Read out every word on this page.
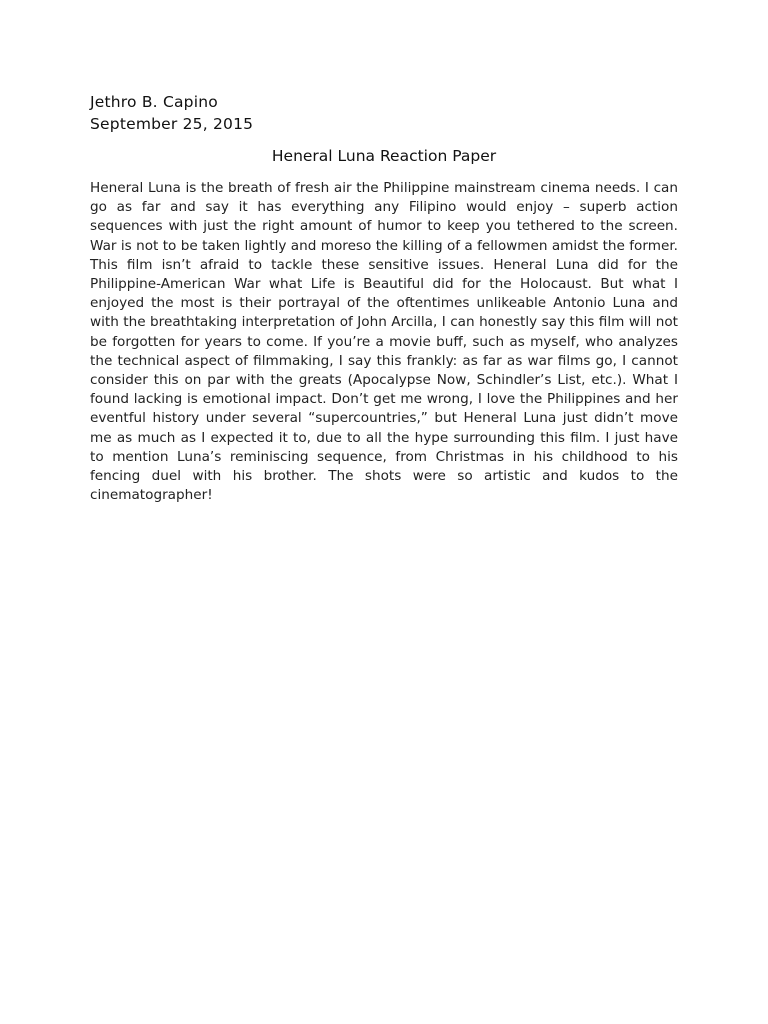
Jethro B. Capino
September 25, 2015
Heneral Luna Reaction Paper

Heneral Luna is the breath of fresh air the Philippine mainstream cinema needs. I can go as far and say it has everything any Filipino would enjoy – superb action sequences with just the right amount of humor to keep you tethered to the screen. War is not to be taken lightly and moreso the killing of a fellowmen amidst the former. This film isn’t afraid to tackle these sensitive issues. Heneral Luna did for the Philippine-American War what Life is Beautiful did for the Holocaust. But what I enjoyed the most is their portrayal of the oftentimes unlikeable Antonio Luna and with the breathtaking interpretation of John Arcilla, I can honestly say this film will not be forgotten for years to come. If you’re a movie buff, such as myself, who analyzes the technical aspect of filmmaking, I say this frankly: as far as war films go, I cannot consider this on par with the greats (Apocalypse Now, Schindler’s List, etc.). What I found lacking is emotional impact. Don’t get me wrong, I love the Philippines and her eventful history under several “supercountries,” but Heneral Luna just didn’t move me as much as I expected it to, due to all the hype surrounding this film. I just have to mention Luna’s reminiscing sequence, from Christmas in his childhood to his fencing duel with his brother. The shots were so artistic and kudos to the cinematographer!
